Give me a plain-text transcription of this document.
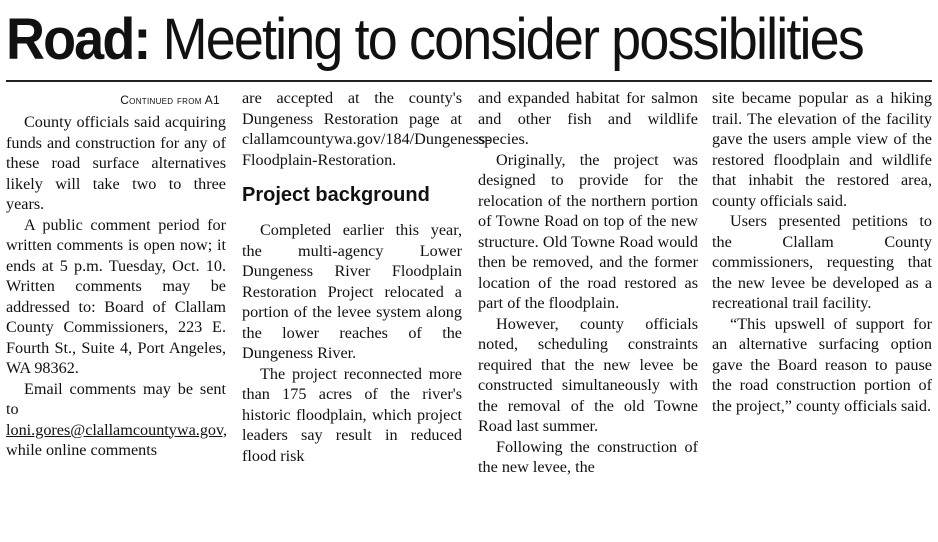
Road: Meeting to consider possibilities
Continued from A1

County officials said acquiring funds and construction for any of these road surface alternatives likely will take two to three years.

A public comment period for written comments is open now; it ends at 5 p.m. Tuesday, Oct. 10. Written comments may be addressed to: Board of Clallam County Commissioners, 223 E. Fourth St., Suite 4, Port Angeles, WA 98362.

Email comments may be sent to loni.gores@clallamcountywa.gov, while online comments

are accepted at the county's Dungeness Restoration page at clallamcountywa.gov/184/Dungeness-Floodplain-Restoration.

Project background

Completed earlier this year, the multi-agency Lower Dungeness River Floodplain Restoration Project relocated a portion of the levee system along the lower reaches of the Dungeness River.

The project reconnected more than 175 acres of the river's historic floodplain, which project leaders say result in reduced flood risk

and expanded habitat for salmon and other fish and wildlife species.

Originally, the project was designed to provide for the relocation of the northern portion of Towne Road on top of the new structure. Old Towne Road would then be removed, and the former location of the road restored as part of the floodplain.

However, county officials noted, scheduling constraints required that the new levee be constructed simultaneously with the removal of the old Towne Road last summer.

Following the construction of the new levee, the

site became popular as a hiking trail. The elevation of the facility gave the users ample view of the restored floodplain and wildlife that inhabit the restored area, county officials said.

Users presented petitions to the Clallam County commissioners, requesting that the new levee be developed as a recreational trail facility.

“This upswell of support for an alternative surfacing option gave the Board reason to pause the road construction portion of the project,” county officials said.
